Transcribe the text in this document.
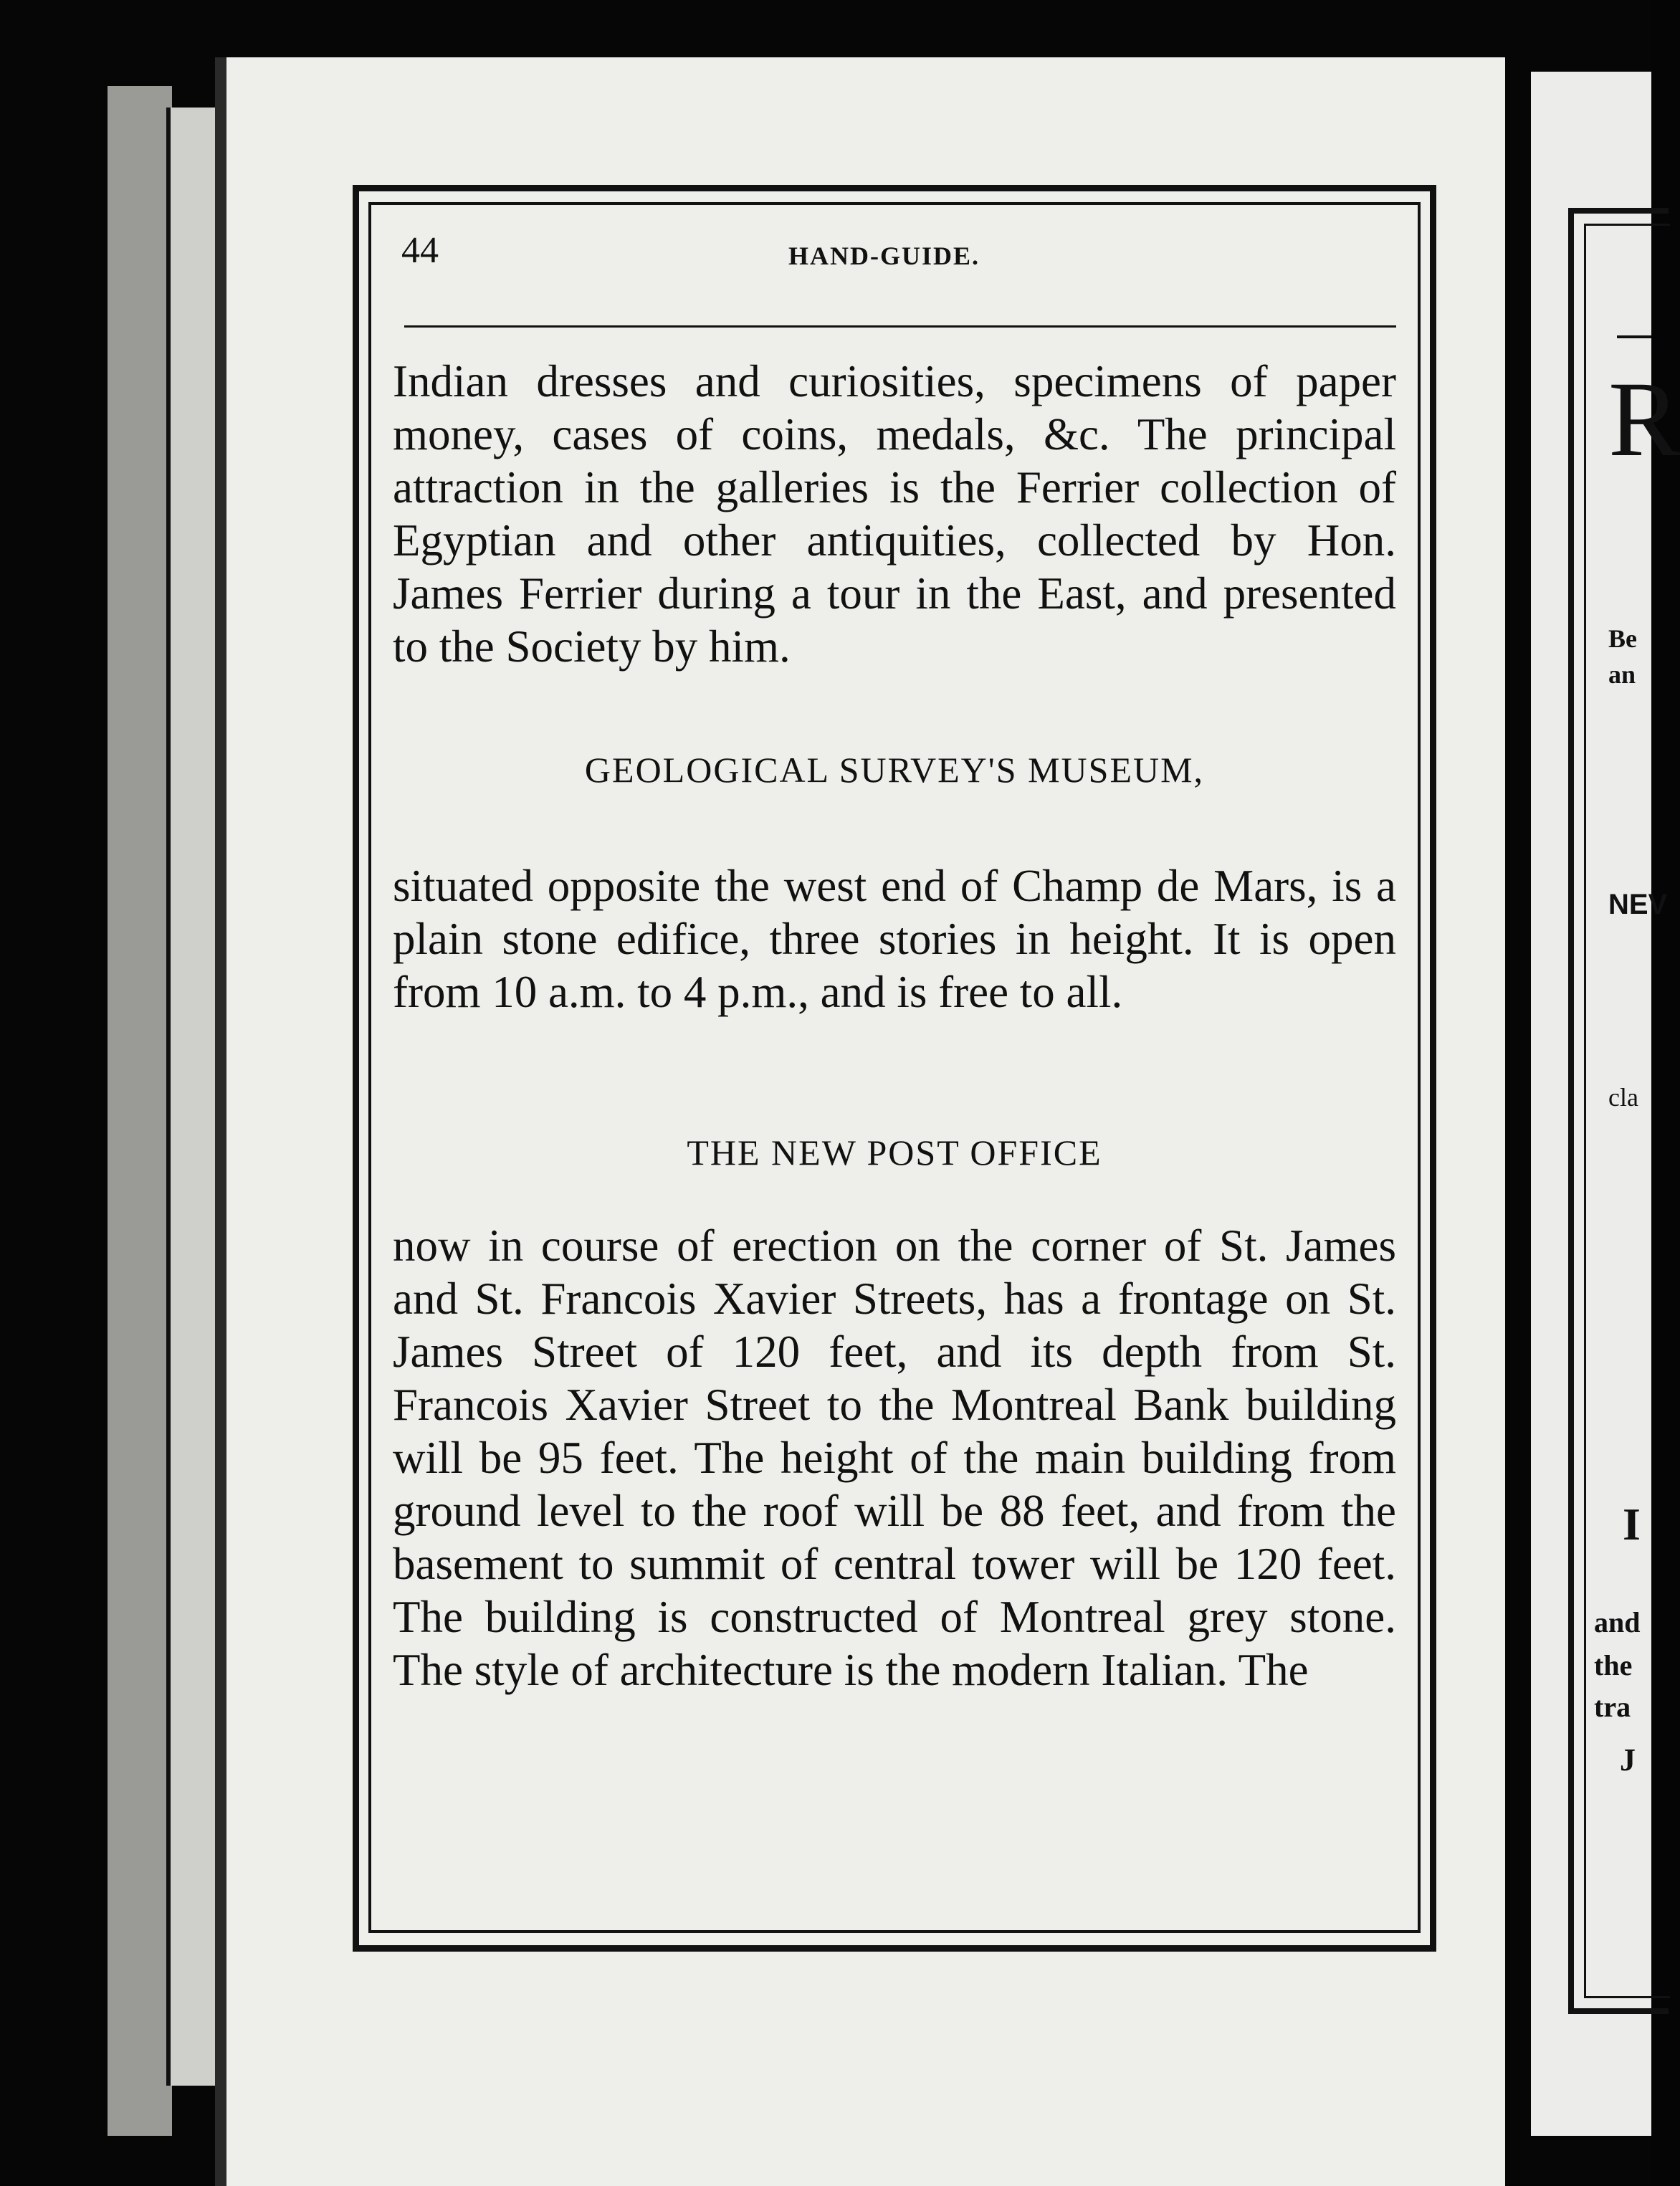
44	HAND-GUIDE.

Indian dresses and curiosities, specimens of paper money, cases of coins, medals, &c. The principal attraction in the galleries is the Ferrier collection of Egyptian and other antiquities, collected by Hon. James Ferrier during a tour in the East, and presented to the Society by him.

GEOLOGICAL SURVEY'S MUSEUM,

situated opposite the west end of Champ de Mars, is a plain stone edifice, three stories in height. It is open from 10 a.m. to 4 p.m., and is free to all.

THE NEW POST OFFICE

now in course of erection on the corner of St. James and St. Francois Xavier Streets, has a frontage on St. James Street of 120 feet, and its depth from St. Francois Xavier Street to the Montreal Bank building will be 95 feet. The height of the main building from ground level to the roof will be 88 feet, and from the basement to summit of central tower will be 120 feet. The building is constructed of Montreal grey stone. The style of architecture is the modern Italian. The

R
Be
an
NEV
cla
I
and
the
tra
J
